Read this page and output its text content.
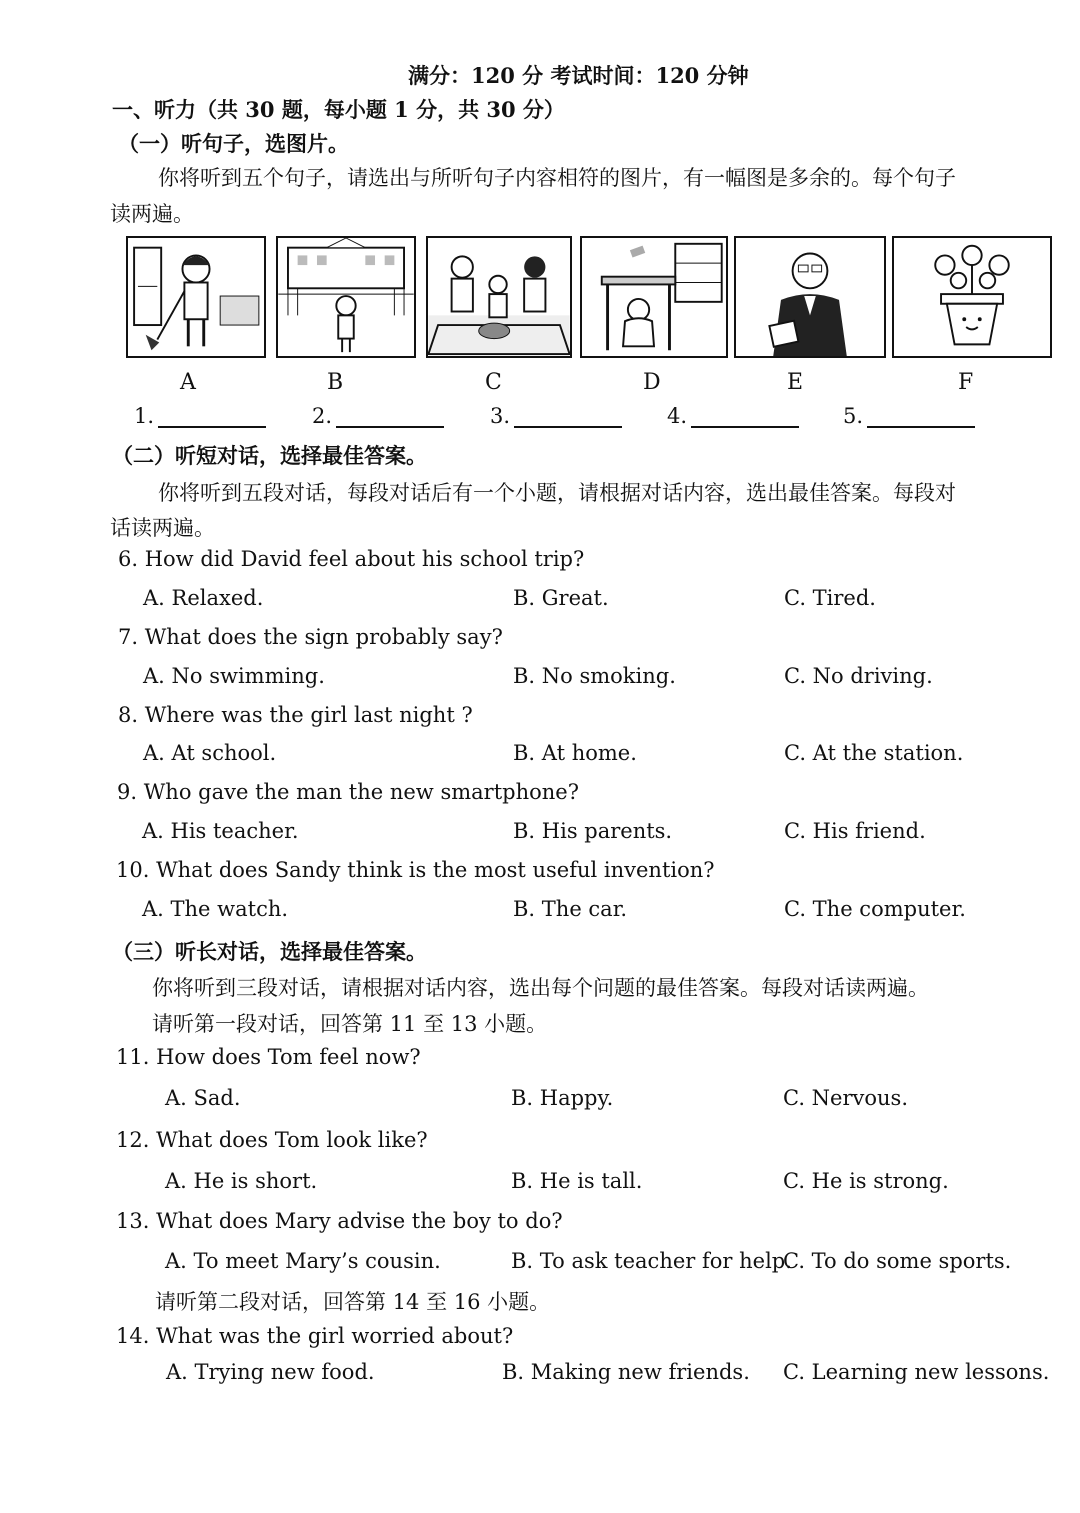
满分：120 分 考试时间：120 分钟
一、听力（共 30 题，每小题 1 分，共 30 分）
（一）听句子，选图片。
你将听到五个句子，请选出与所听句子内容相符的图片，有一幅图是多余的。每个句子
读两遍。
A	B	C	D	E	F
1.	2.	3.	4.	5.
（二）听短对话，选择最佳答案。
你将听到五段对话，每段对话后有一个小题，请根据对话内容，选出最佳答案。每段对
话读两遍。
6. How did David feel about his school trip?
A. Relaxed.	B. Great.	C. Tired.
7. What does the sign probably say?
A. No swimming.	B. No smoking.	C. No driving.
8. Where was the girl last night ?
A. At school.	B. At home.	C. At the station.
9. Who gave the man the new smartphone?
A. His teacher.	B. His parents.	C. His friend.
10. What does Sandy think is the most useful invention?
A. The watch.	B. The car.	C. The computer.
（三）听长对话，选择最佳答案。
你将听到三段对话，请根据对话内容，选出每个问题的最佳答案。每段对话读两遍。
请听第一段对话，回答第 11 至 13 小题。
11. How does Tom feel now?
A. Sad.	B. Happy.	C. Nervous.
12. What does Tom look like?
A. He is short.	B. He is tall.	C. He is strong.
13. What does Mary advise the boy to do?
A. To meet Mary’s cousin.	B. To ask teacher for help.
C. To do some sports.
请听第二段对话，回答第 14 至 16 小题。
14. What was the girl worried about?
A. Trying new food.	B. Making new friends. C. Learning new lessons.
